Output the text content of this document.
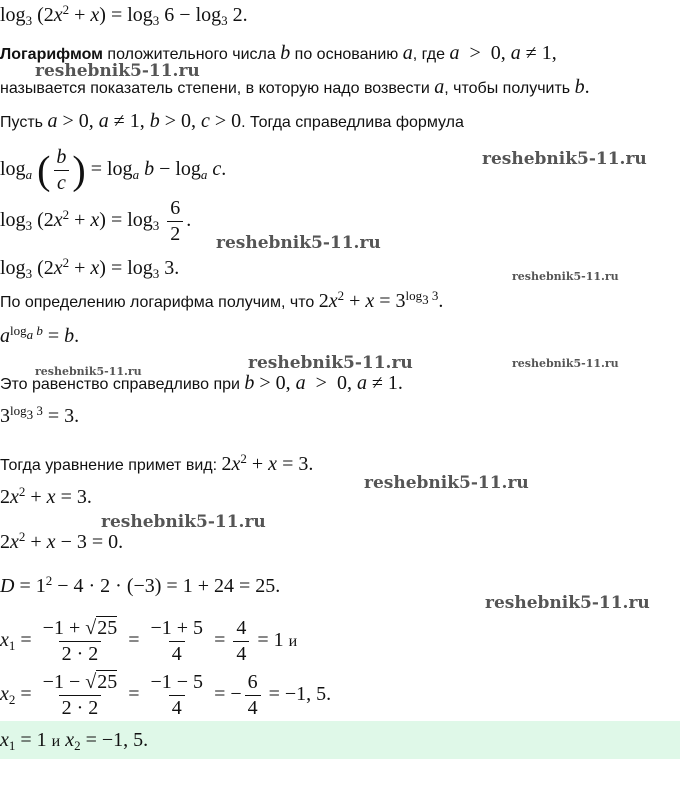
$\log_3 (2x^2 + x) = \log_3 6 - \log_3 2$.
Логарифмом положительного числа b по основанию a, где a  >  0, a ≠ 1,
называется показатель степени, в которую надо возвести a, чтобы получить b.
Пусть a > 0, a ≠ 1, b > 0, c > 0. Тогда справедлива формула
$\log_a$ ( $\frac{b}{c}$ ) = $\log_a b - \log_a c$.
$\log_3 (2x^2 + x) = \log_3 \frac{6}{2}$ .
$\log_3 (2x^2 + x) = \log_3 3$.
По определению логарифма получим, что $2x^2 + x = 3^{log_3 3}$.
$a^{log_a b} = b$.
Это равенство справедливо при b > 0, a  >  0, a ≠ 1.
$3^{log_3 3} = 3$.
Тогда уравнение примет вид: $2x^2 + x = 3$.
$2x^2 + x = 3$.
$2x^2 + x - 3 = 0$.
$D = 1^2 - 4 \cdot 2 \cdot (-3) = 1 + 24 = 25$.
$x_1 = \frac{-1 + √25}{2 \cdot 2} = \frac{-1 + 5}{4} = \frac{4}{4} = 1$ и
$x_2 = \frac{-1 - √25}{2 \cdot 2} = \frac{-1 - 5}{4}$ = − $\frac{6}{4} = -1$, 5.
$x_1 = 1$ и $x_2 = -1$, 5.
reshebnik5-11.ru
reshebnik5-11.ru
reshebnik5-11.ru
reshebnik5-11.ru
reshebnik5-11.ru	reshebnik5-11.ru	reshebnik5-11.ru
reshebnik5-11.ru
reshebnik5-11.ru
reshebnik5-11.ru
